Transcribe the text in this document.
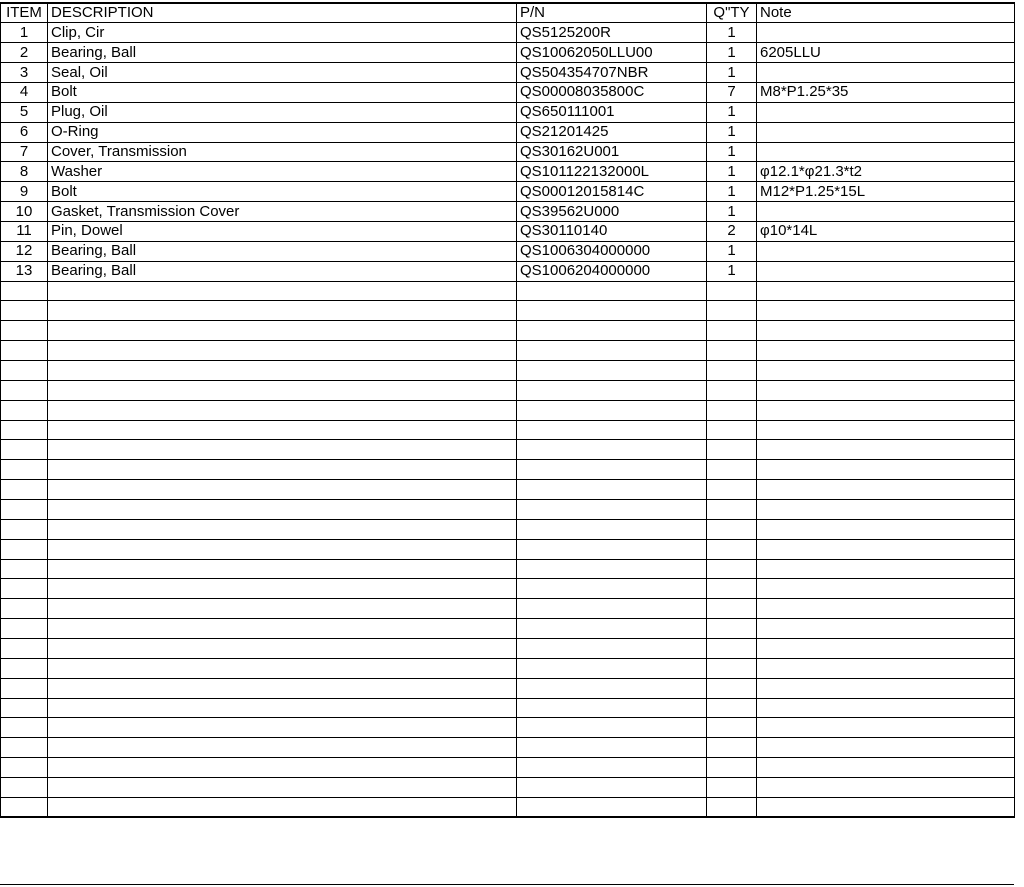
ITEM	DESCRIPTION	P/N	Q"TY	Note
1	Clip, Cir	QS5125200R	1	
2	Bearing, Ball	QS10062050LLU00	1	6205LLU
3	Seal, Oil	QS504354707NBR	1	
4	Bolt	QS00008035800C	7	M8*P1.25*35
5	Plug, Oil	QS650111001	1	
6	O-Ring	QS21201425	1	
7	Cover, Transmission	QS30162U001	1	
8	Washer	QS101122132000L	1	φ12.1*φ21.3*t2
9	Bolt	QS00012015814C	1	M12*P1.25*15L
10	Gasket, Transmission Cover	QS39562U000	1	
11	Pin, Dowel	QS30110140	2	φ10*14L
12	Bearing, Ball	QS1006304000000	1	
13	Bearing, Ball	QS1006204000000	1	
